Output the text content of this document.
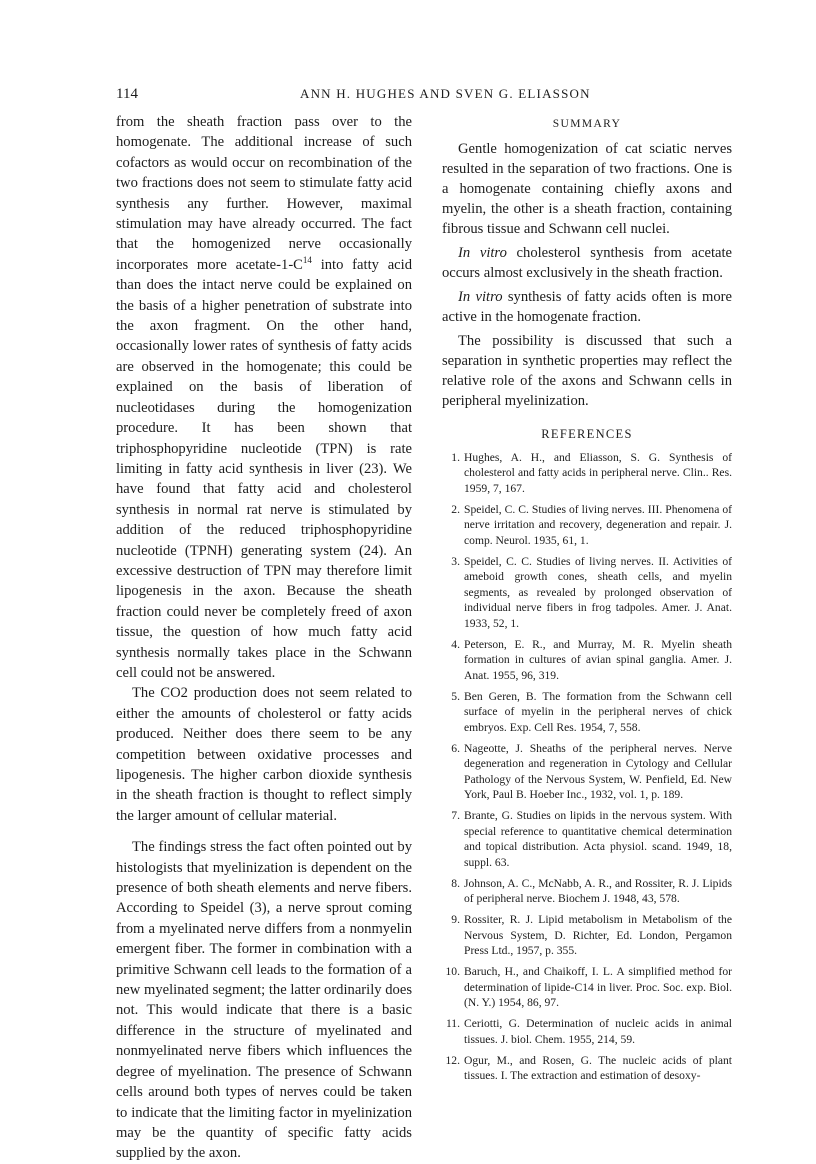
114	ANN H. HUGHES AND SVEN G. ELIASSON

from the sheath fraction pass over to the homogenate. The additional increase of such cofactors as would occur on recombination of the two fractions does not seem to stimulate fatty acid synthesis any further. However, maximal stimulation may have already occurred. The fact that the homogenized nerve occasionally incorporates more acetate-$1-C^{14}$ into fatty acid than does the intact nerve could be explained on the basis of a higher penetration of substrate into the axon fragment. On the other hand, occasionally lower rates of synthesis of fatty acids are observed in the homogenate; this could be explained on the basis of liberation of nucleotidases during the homogenization procedure. It has been shown that triphosphopyridine nucleotide (TPN) is rate limiting in fatty acid synthesis in liver (23). We have found that fatty acid and cholesterol synthesis in normal rat nerve is stimulated by addition of the reduced triphosphopyridine nucleotide (TPNH) generating system (24). An excessive destruction of TPN may therefore limit lipogenesis in the axon. Because the sheath fraction could never be completely freed of axon tissue, the question of how much fatty acid synthesis normally takes place in the Schwann cell could not be answered.

The CO2 production does not seem related to either the amounts of cholesterol or fatty acids produced. Neither does there seem to be any competition between oxidative processes and lipogenesis. The higher carbon dioxide synthesis in the sheath fraction is thought to reflect simply the larger amount of cellular material.

The findings stress the fact often pointed out by histologists that myelinization is dependent on the presence of both sheath elements and nerve fibers. According to Speidel (3), a nerve sprout coming from a myelinated nerve differs from a nonmyelin emergent fiber. The former in combination with a primitive Schwann cell leads to the formation of a new myelinated segment; the latter ordinarily does not. This would indicate that there is a basic difference in the structure of myelinated and nonmyelinated nerve fibers which influences the degree of myelination. The presence of Schwann cells around both types of nerves could be taken to indicate that the limiting factor in myelinization may be the quantity of specific fatty acids supplied by the axon.

SUMMARY

Gentle homogenization of cat sciatic nerves resulted in the separation of two fractions. One is a homogenate containing chiefly axons and myelin, the other is a sheath fraction, containing fibrous tissue and Schwann cell nuclei.

In vitro cholesterol synthesis from acetate occurs almost exclusively in the sheath fraction.

In vitro synthesis of fatty acids often is more active in the homogenate fraction.

The possibility is discussed that such a separation in synthetic properties may reflect the relative role of the axons and Schwann cells in peripheral myelinization.

REFERENCES
1. Hughes, A. H., and Eliasson, S. G. Synthesis of cholesterol and fatty acids in peripheral nerve. Clin.. Res. 1959, 7, 167.
2. Speidel, C. C. Studies of living nerves. III. Phenomena of nerve irritation and recovery, degeneration and repair. J. comp. Neurol. 1935, 61, 1.
3. Speidel, C. C. Studies of living nerves. II. Activities of ameboid growth cones, sheath cells, and myelin segments, as revealed by prolonged observation of individual nerve fibers in frog tadpoles. Amer. J. Anat. 1933, 52, 1.
4. Peterson, E. R., and Murray, M. R. Myelin sheath formation in cultures of avian spinal ganglia. Amer. J. Anat. 1955, 96, 319.
5. Ben Geren, B. The formation from the Schwann cell surface of myelin in the peripheral nerves of chick embryos. Exp. Cell Res. 1954, 7, 558.
6. Nageotte, J. Sheaths of the peripheral nerves. Nerve degeneration and regeneration in Cytology and Cellular Pathology of the Nervous System, W. Penfield, Ed. New York, Paul B. Hoeber Inc., 1932, vol. 1, p. 189.
7. Brante, G. Studies on lipids in the nervous system. With special reference to quantitative chemical determination and topical distribution. Acta physiol. scand. 1949, 18, suppl. 63.
8. Johnson, A. C., McNabb, A. R., and Rossiter, R. J. Lipids of peripheral nerve. Biochem J. 1948, 43, 578.
9. Rossiter, R. J. Lipid metabolism in Metabolism of the Nervous System, D. Richter, Ed. London, Pergamon Press Ltd., 1957, p. 355.
10. Baruch, H., and Chaikoff, I. L. A simplified method for determination of lipide-C14 in liver. Proc. Soc. exp. Biol. (N. Y.) 1954, 86, 97.
11. Ceriotti, G. Determination of nucleic acids in animal tissues. J. biol. Chem. 1955, 214, 59.
12. Ogur, M., and Rosen, G. The nucleic acids of plant tissues. I. The extraction and estimation of desoxy-
